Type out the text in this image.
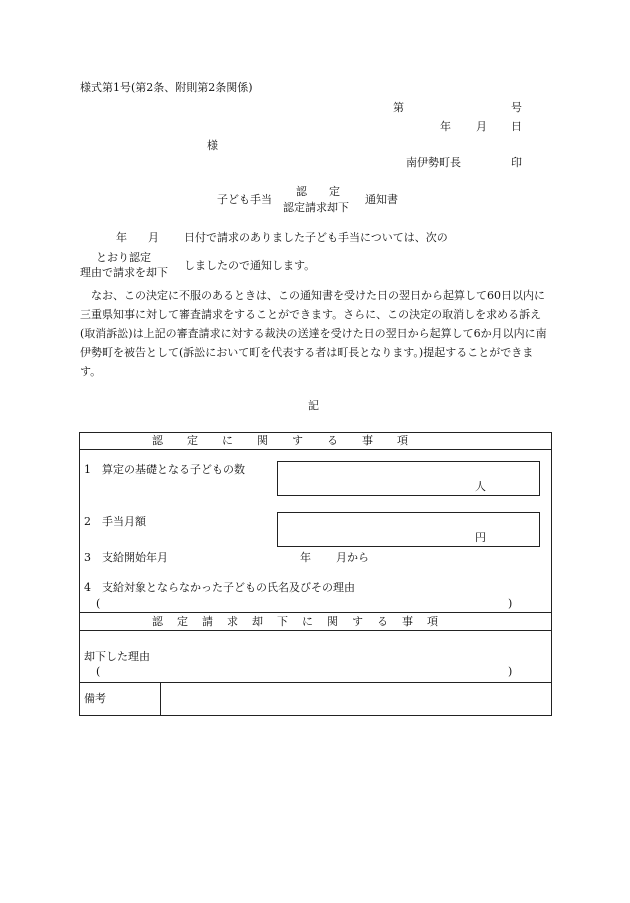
様式第1号(第2条、附則第2条関係)
第	号
年 月 日
様
南伊勢町長	印
子ども手当
認　　定
認定請求却下
通知書
年 月 日付で請求のありました子ども手当については、次の
とおり認定
理由で請求を却下
しましたので通知します。
なお、この決定に不服のあるときは、この通知書を受けた日の翌日から起算して60日以内に三重県知事に対して審査請求をすることができます。さらに、この決定の取消しを求める訴え(取消訴訟)は上記の審査請求に対する裁決の送達を受けた日の翌日から起算して6か月以内に南伊勢町を被告として(訴訟において町を代表する者は町長となります。)提起することができます。
記
認定に関する事項
1　算定の基礎となる子どもの数
人
2　手当月額
円
3　支給開始年月	年 月から
4　支給対象とならなかった子どもの氏名及びその理由
(	)
認定請求却下に関する事項
却下した理由
(	)
備考
